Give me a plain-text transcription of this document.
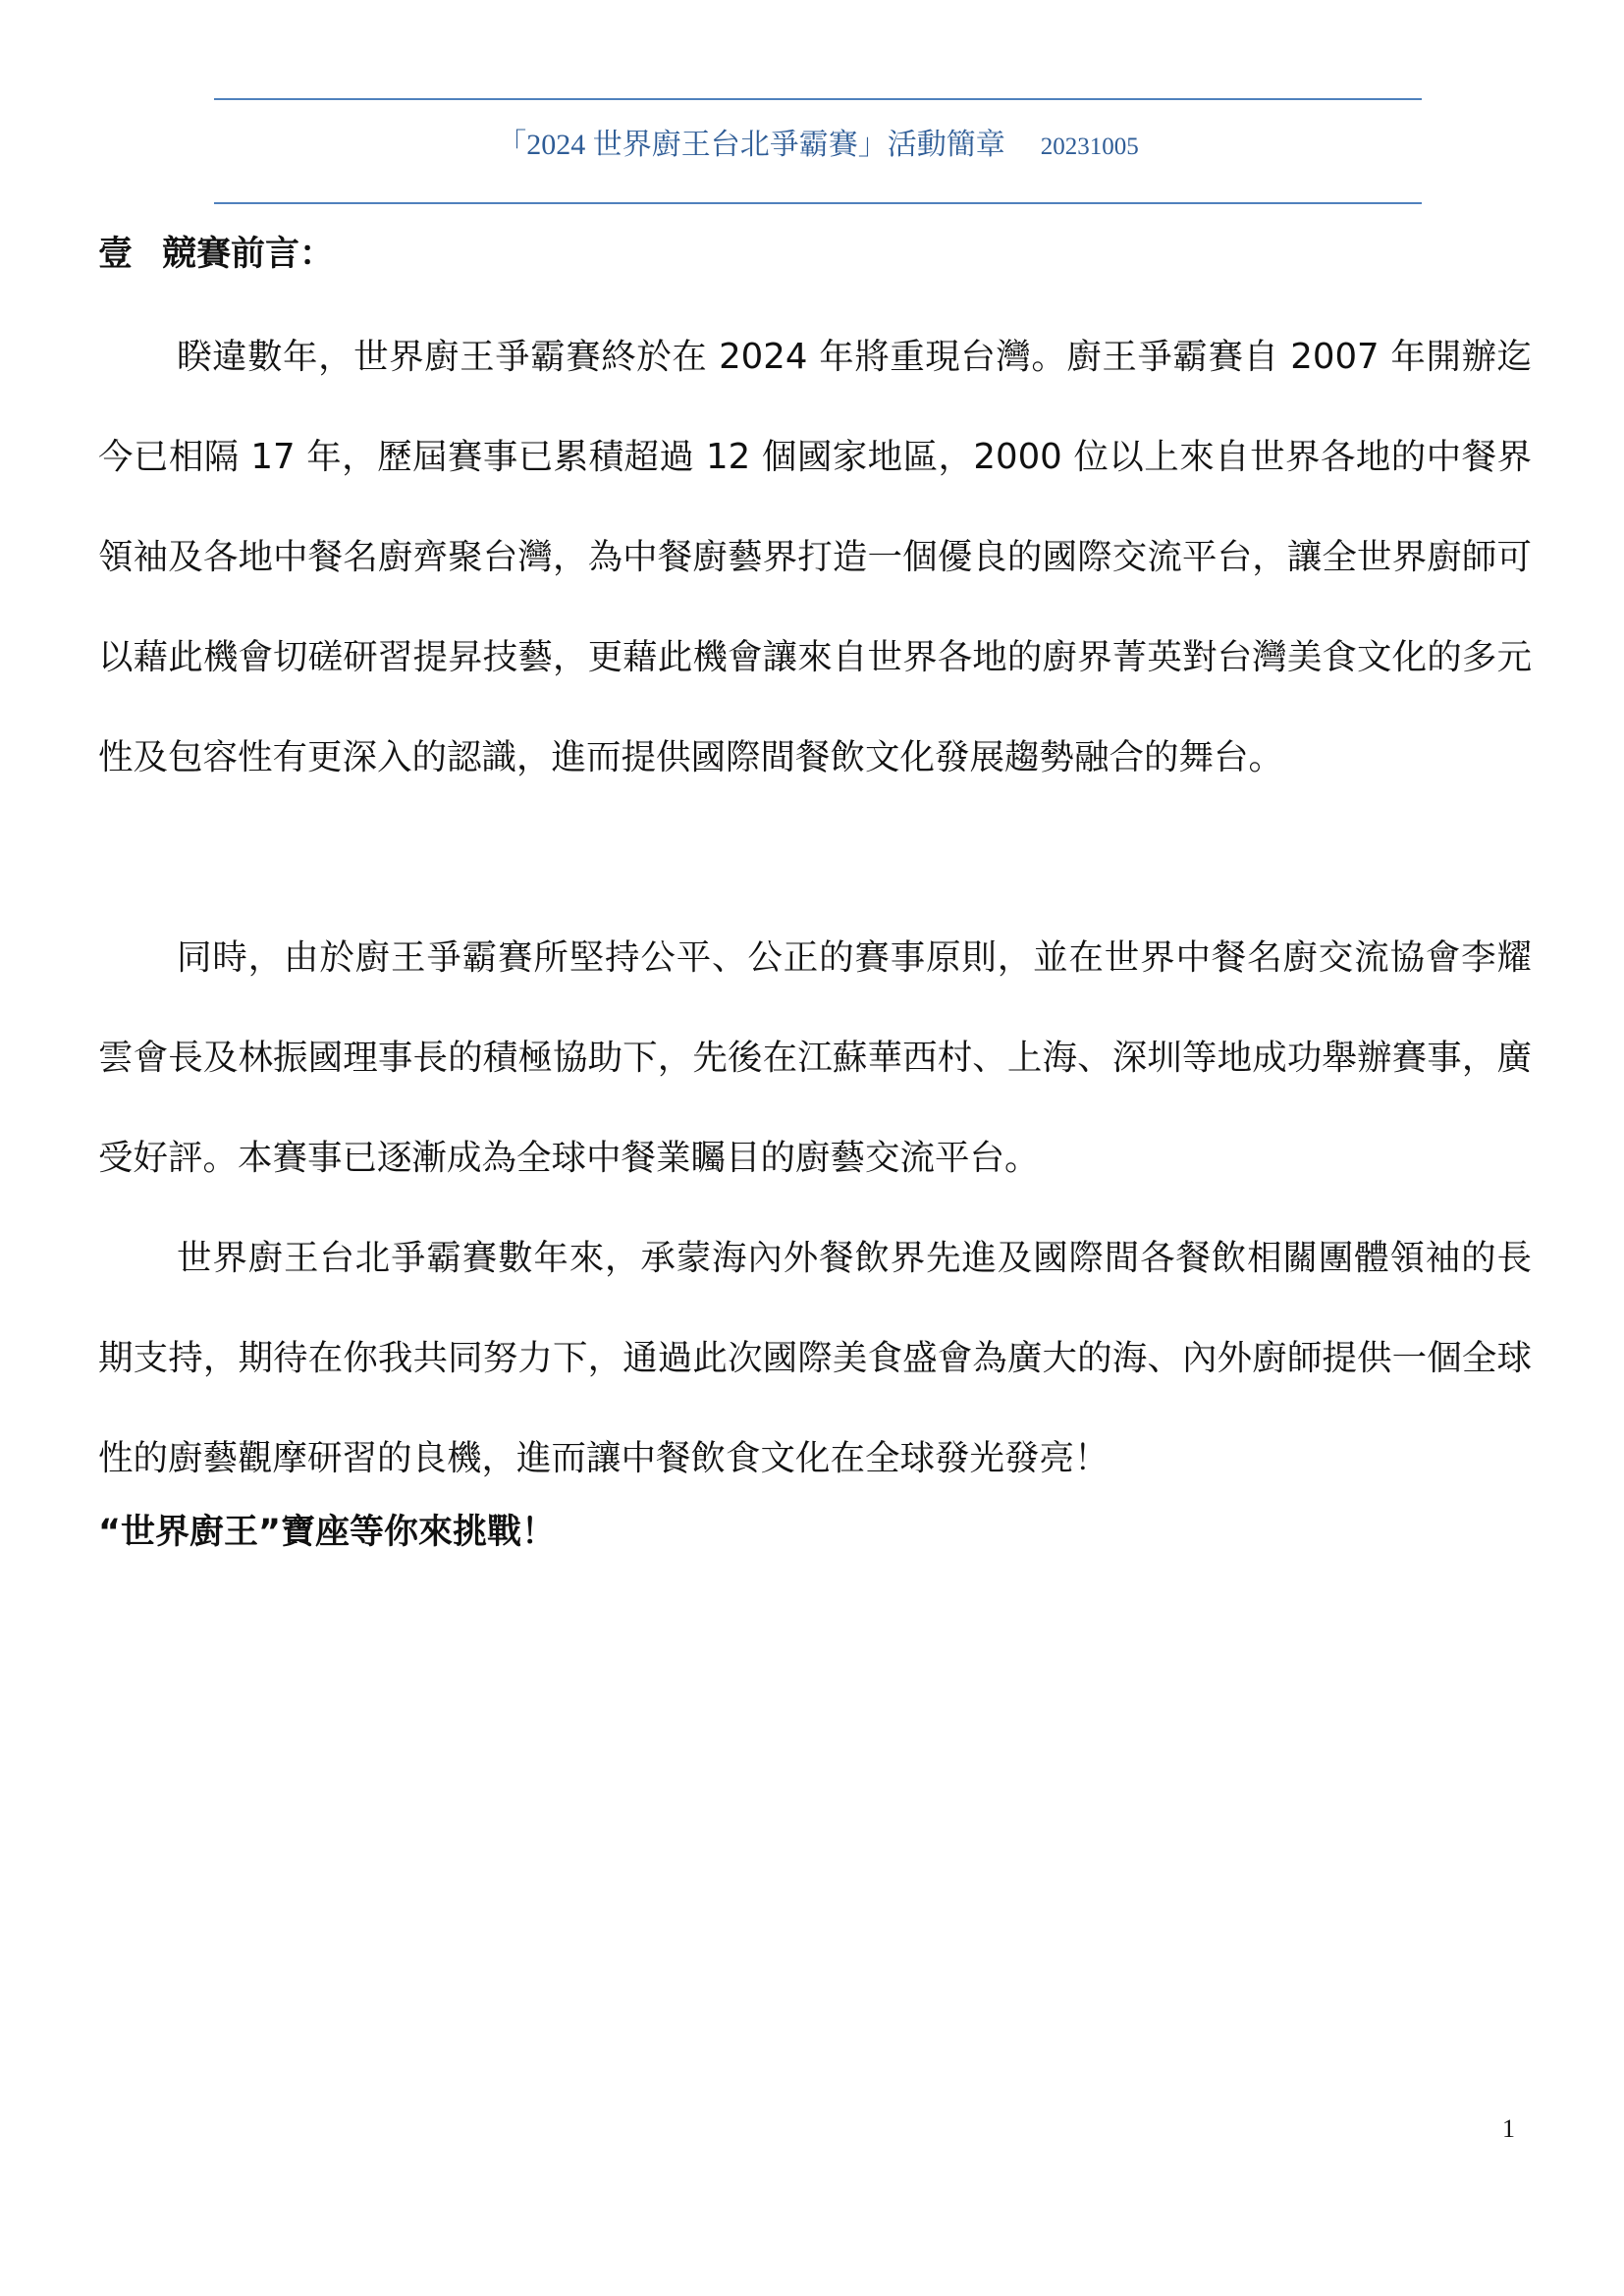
「2024 世界廚王台北爭霸賽」活動簡章 20231005
壹 競賽前言：

睽違數年，世界廚王爭霸賽終於在 2024 年將重現台灣。廚王爭霸賽自 2007 年開辦迄今已相隔 17 年，歷屆賽事已累積超過 12 個國家地區，2000 位以上來自世界各地的中餐界領袖及各地中餐名廚齊聚台灣，為中餐廚藝界打造一個優良的國際交流平台，讓全世界廚師可以藉此機會切磋研習提昇技藝，更藉此機會讓來自世界各地的廚界菁英對台灣美食文化的多元性及包容性有更深入的認識，進而提供國際間餐飲文化發展趨勢融合的舞台。

同時，由於廚王爭霸賽所堅持公平、公正的賽事原則，並在世界中餐名廚交流協會李耀雲會長及林振國理事長的積極協助下，先後在江蘇華西村、上海、深圳等地成功舉辦賽事，廣受好評。本賽事已逐漸成為全球中餐業矚目的廚藝交流平台。

世界廚王台北爭霸賽數年來，承蒙海內外餐飲界先進及國際間各餐飲相關團體領袖的長期支持，期待在你我共同努力下，通過此次國際美食盛會為廣大的海、內外廚師提供一個全球性的廚藝觀摩研習的良機，進而讓中餐飲食文化在全球發光發亮！

“世界廚王”寶座等你來挑戰！
1
